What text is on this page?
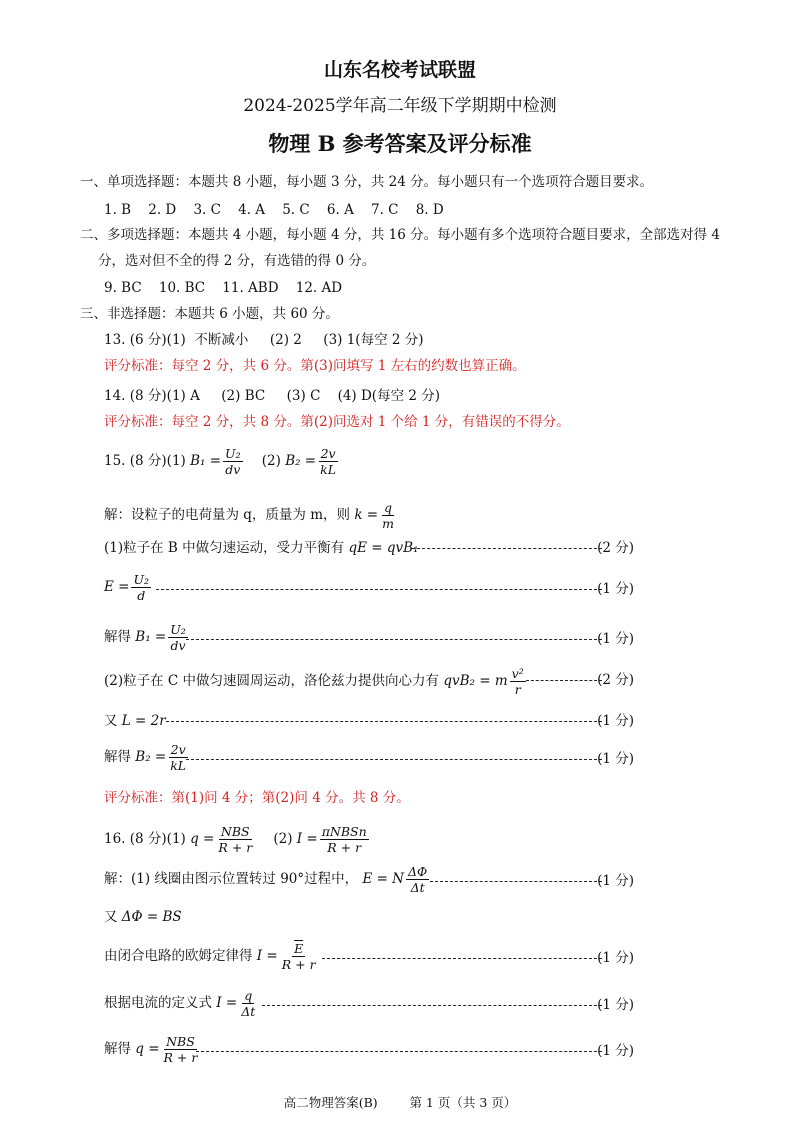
山东名校考试联盟
2024-2025学年高二年级下学期期中检测
物理 B 参考答案及评分标准
一、单项选择题：本题共 8 小题，每小题 3 分，共 24 分。每小题只有一个选项符合题目要求。
1. B 2. D 3. C 4. A 5. C 6. A 7. C 8. D
二、多项选择题：本题共 4 小题，每小题 4 分，共 16 分。每小题有多个选项符合题目要求，全部选对得 4
分，选对但不全的得 2 分，有选错的得 0 分。
9. BC 10. BC 11. ABD 12. AD
三、非选择题：本题共 6 小题，共 60 分。
13. (6 分)(1)  不断减小     (2) 2     (3) 1(每空 2 分)
评分标准：每空 2 分，共 6 分。第(3)问填写 1 左右的约数也算正确。
14. (8 分)(1) A     (2) BC     (3) C    (4) D(每空 2 分)
评分标准：每空 2 分，共 8 分。第(2)问选对 1 个给 1 分，有错误的不得分。
15. (8 分)(1) $B_1 = \frac{\text{U₂}}{dv} (2) B_2 = \frac{2v}{kL}$
解：设粒子的电荷量为 q，质量为 m，则 $k = \frac{q}{m}$
(1)粒子在 B 中做匀速运动，受力平衡有 qE = qvB₁	(2 分)
$E = \frac{\text{U₂}}{d}$	(1 分)
解得 $B_1 = \frac{\text{U₂}}{dv}$	(1 分)
(2)粒子在 C 中做匀速圆周运动，洛伦兹力提供向心力有 qvB₂ = m $\frac{\text{v²}}{r}$	(2 分)
又 L = 2r	(1 分)
解得 $B_2 = \frac{2v}{kL}$	(1 分)
评分标准：第(1)问 4 分；第(2)问 4 分。共 8 分。
16. (8 分)(1) $q = \frac{\text{NBS}}{R + r} (2) I = \frac{\text{πNBSn}}{R + r}$
解：(1) 线圈由图示位置转过 90°过程中， E = N $\frac{\Delta\Phi}{\Delta t}$	(1 分)
又 ΔΦ = BS
由闭合电路的欧姆定律得 $I = \frac{\overline{E}}{R + r}$	(1 分)
根据电流的定义式 $I = \frac{q}{\Delta t}$	(1 分)
解得 $q = \frac{\text{NBS}}{R + r}$	(1 分)
高二物理答案(B)        第 1 页（共 3 页）
